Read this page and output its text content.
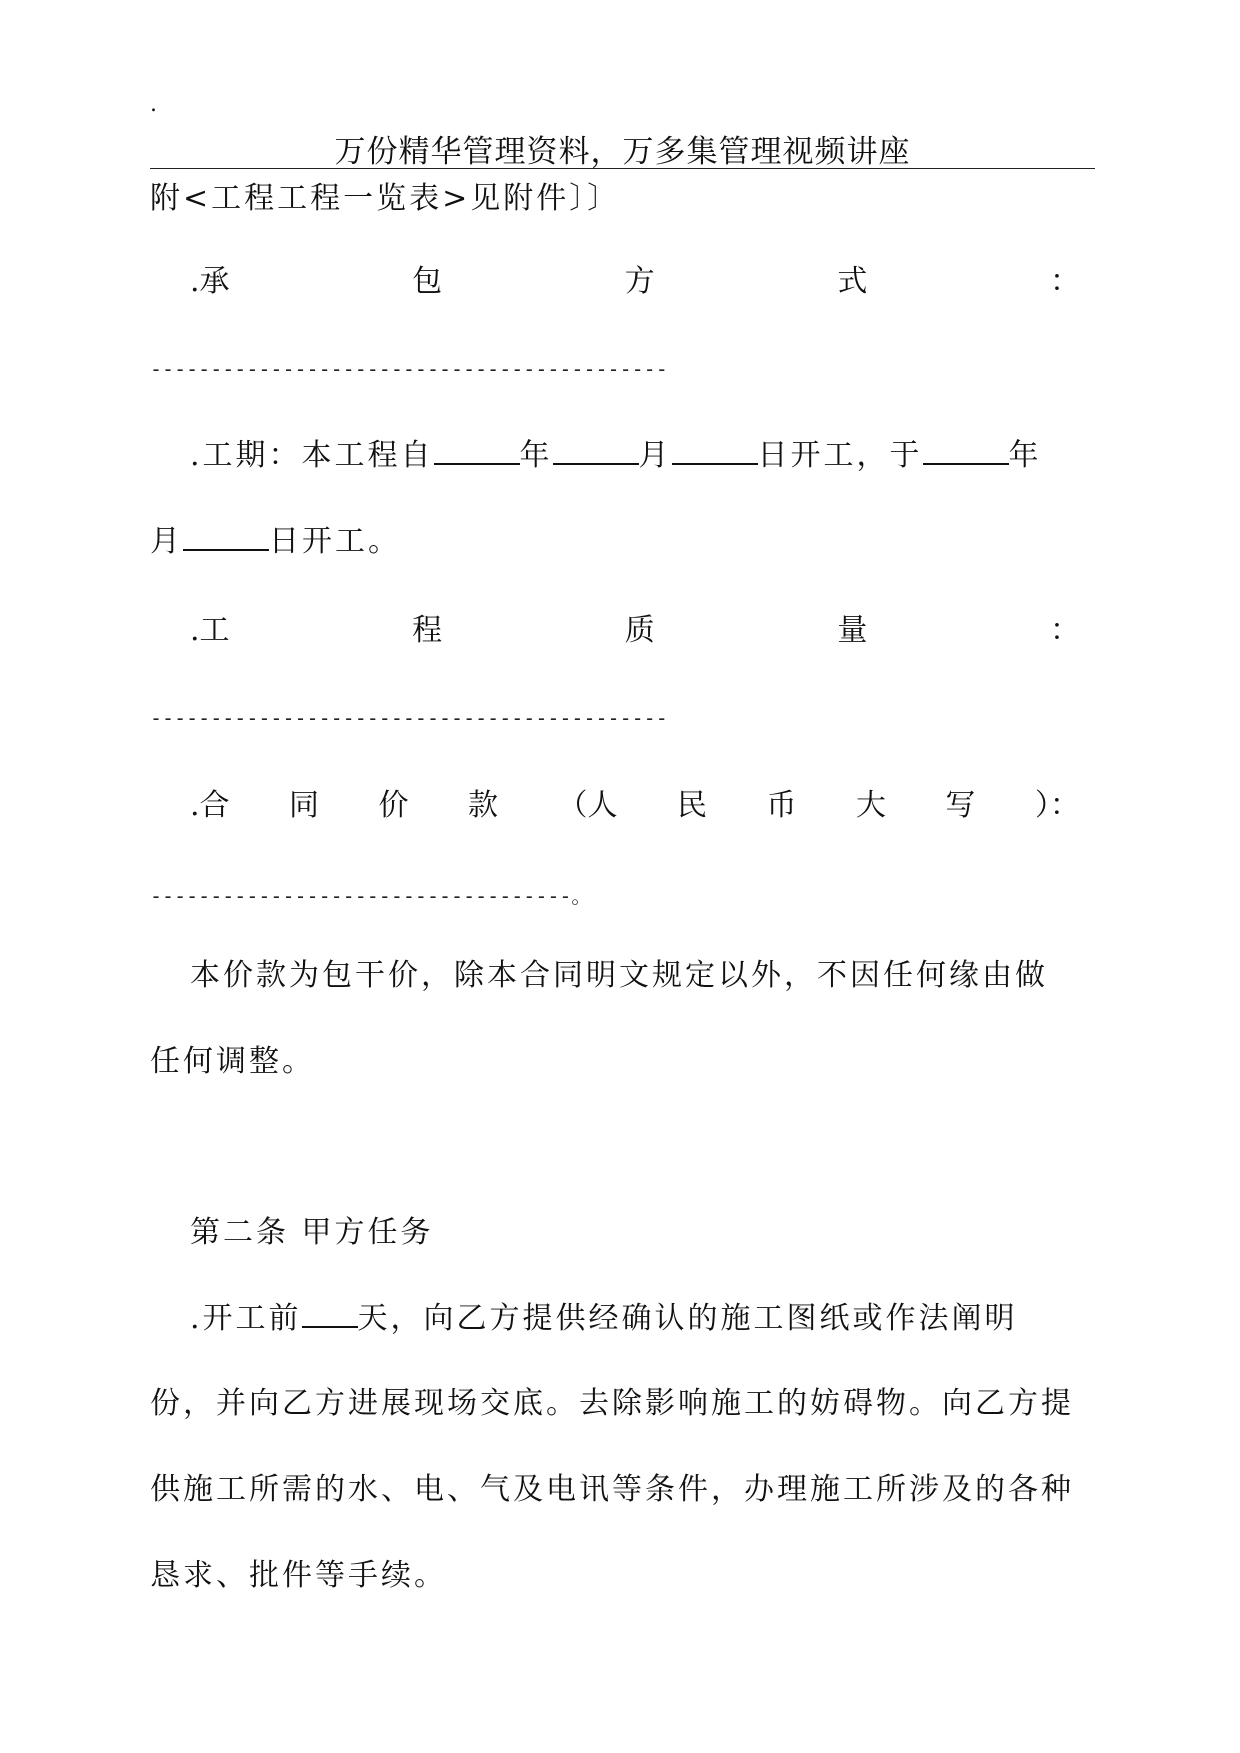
.
万份精华管理资料，万多集管理视频讲座
附<工程工程一览表>见附件〕〕
.承	包	方	式	：
-------------------------------------------
.工期：本工程自	年	月	日开工，于	年
月	日开工。
.工	程	质	量	：
-------------------------------------------
.合 同 价 款 （人 民 币 大 写 ）：
-----------------------------------。
本价款为包干价，除本合同明文规定以外，不因任何缘由做
任何调整。
第二条 甲方任务
.开工前 天，向乙方提供经确认的施工图纸或作法阐明
份，并向乙方进展现场交底。去除影响施工的妨碍物。向乙方提
供施工所需的水、电、气及电讯等条件，办理施工所涉及的各种
恳求、批件等手续。
